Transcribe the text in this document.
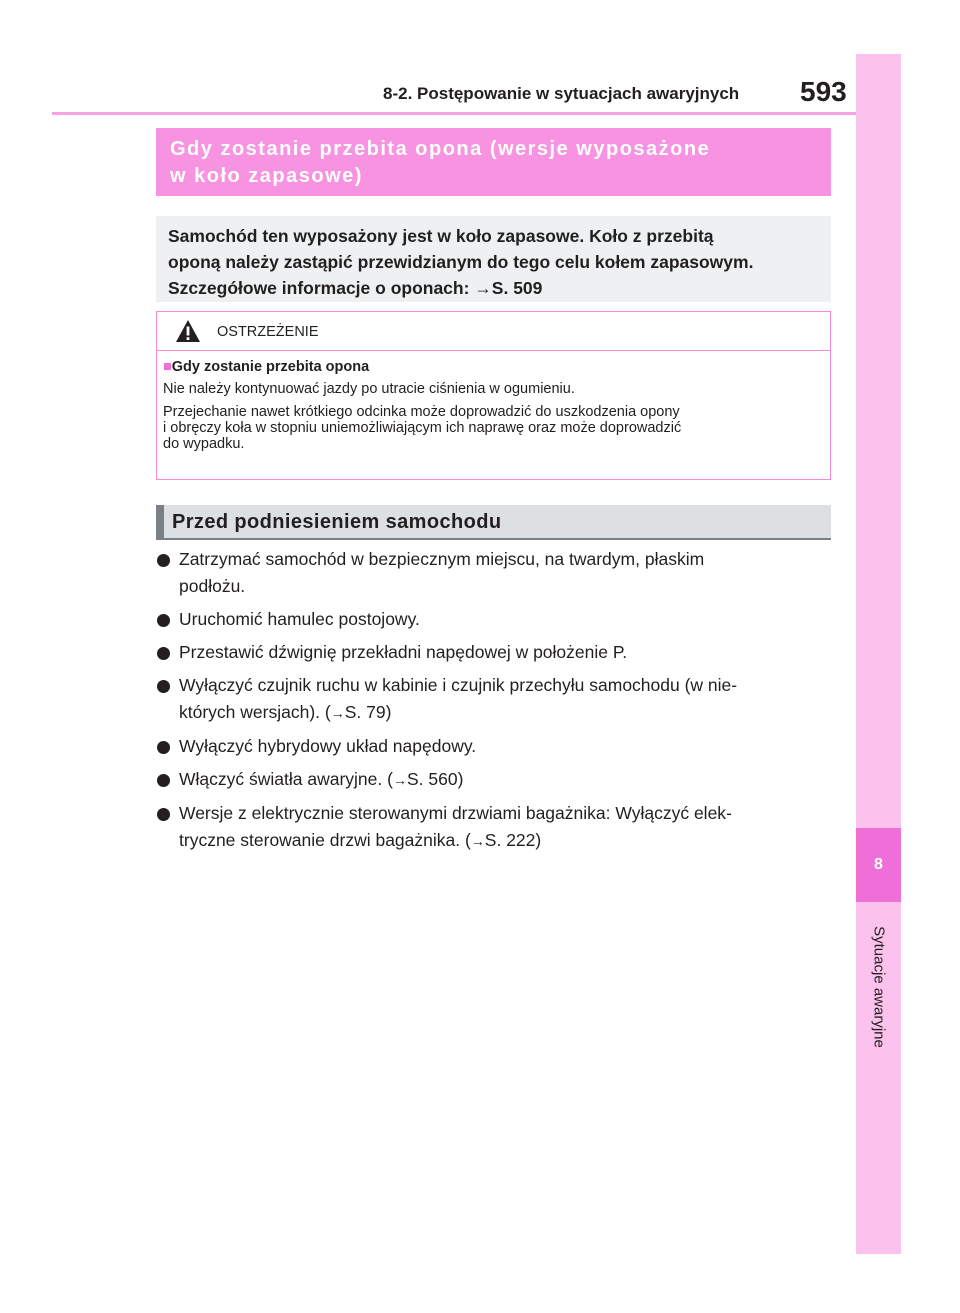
8-2. Postępowanie w sytuacjach awaryjnych 593
8
Sytuacje awaryjne
Gdy zostanie przebita opona (wersje wyposażone
w koło zapasowe)
Samochód ten wyposażony jest w koło zapasowe. Koło z przebitą
oponą należy zastąpić przewidzianym do tego celu kołem zapasowym.
Szczegółowe informacje o oponach: →S. 509
OSTRZEŻENIE
■Gdy zostanie przebita opona
Nie należy kontynuować jazdy po utracie ciśnienia w ogumieniu.
Przejechanie nawet krótkiego odcinka może doprowadzić do uszkodzenia opony
i obręczy koła w stopniu uniemożliwiającym ich naprawę oraz może doprowadzić
do wypadku.
Przed podniesieniem samochodu
Zatrzymać samochód w bezpiecznym miejscu, na twardym, płaskim
podłożu.
Uruchomić hamulec postojowy.
Przestawić dźwignię przekładni napędowej w położenie P.
Wyłączyć czujnik ruchu w kabinie i czujnik przechyłu samochodu (w nie-
których wersjach). (→S. 79)
Wyłączyć hybrydowy układ napędowy.
Włączyć światła awaryjne. (→S. 560)
Wersje z elektrycznie sterowanymi drzwiami bagażnika: Wyłączyć elek-
tryczne sterowanie drzwi bagażnika. (→S. 222)
